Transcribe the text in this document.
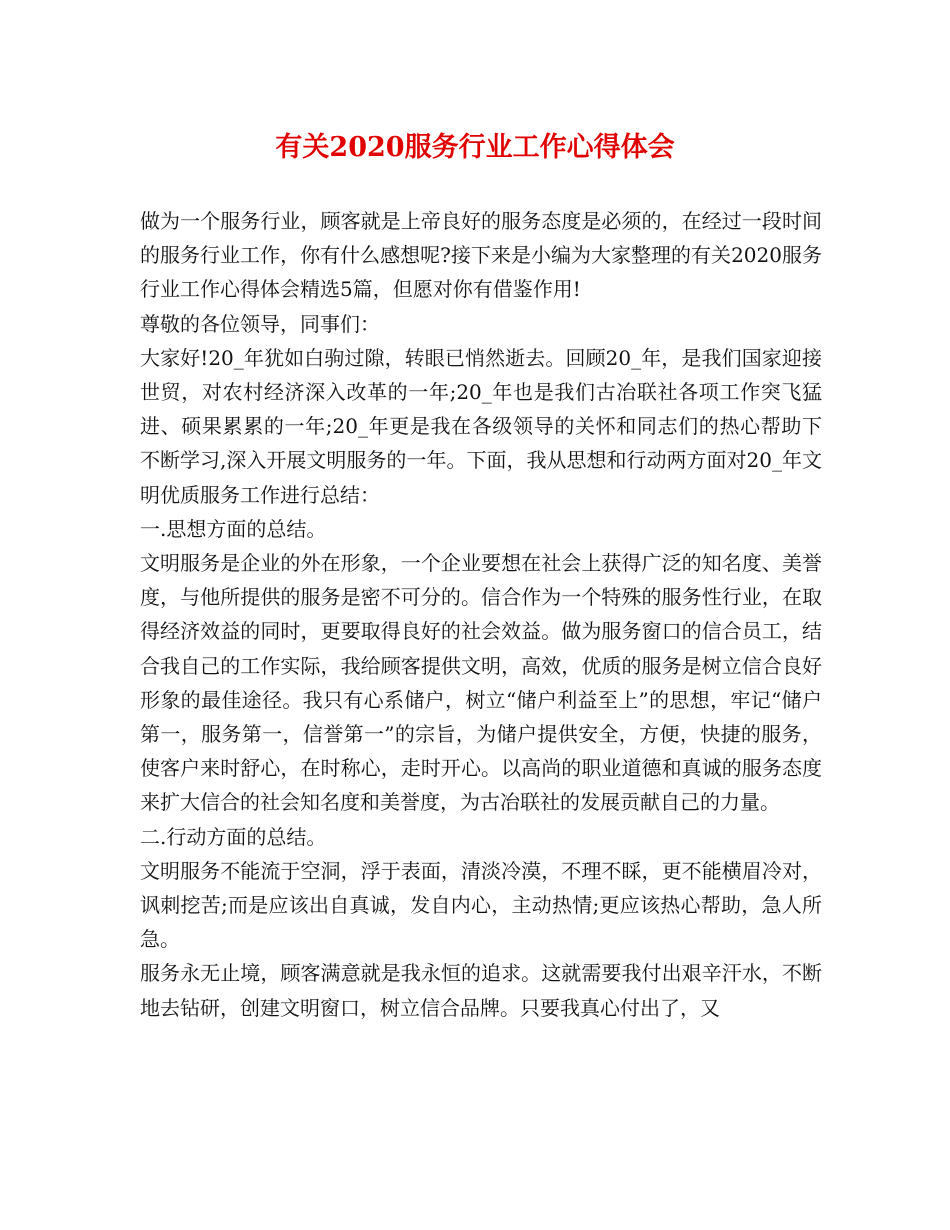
有关2020服务行业工作心得体会

做为一个服务行业，顾客就是上帝良好的服务态度是必须的，在经过一段时间的服务行业工作，你有什么感想呢?接下来是小编为大家整理的有关2020服务行业工作心得体会精选5篇，但愿对你有借鉴作用!

尊敬的各位领导，同事们：

大家好!20_年犹如白驹过隙，转眼已悄然逝去。回顾20_年，是我们国家迎接世贸，对农村经济深入改革的一年;20_年也是我们古冶联社各项工作突飞猛进、硕果累累的一年;20_年更是我在各级领导的关怀和同志们的热心帮助下不断学习,深入开展文明服务的一年。下面，我从思想和行动两方面对20_年文明优质服务工作进行总结：

一.思想方面的总结。

文明服务是企业的外在形象，一个企业要想在社会上获得广泛的知名度、美誉度，与他所提供的服务是密不可分的。信合作为一个特殊的服务性行业，在取得经济效益的同时，更要取得良好的社会效益。做为服务窗口的信合员工，结合我自己的工作实际，我给顾客提供文明，高效，优质的服务是树立信合良好形象的最佳途径。我只有心系储户，树立“储户利益至上”的思想，牢记“储户第一，服务第一，信誉第一”的宗旨，为储户提供安全，方便，快捷的服务，使客户来时舒心，在时称心，走时开心。以高尚的职业道德和真诚的服务态度来扩大信合的社会知名度和美誉度，为古冶联社的发展贡献自己的力量。

二.行动方面的总结。

文明服务不能流于空洞，浮于表面，清淡冷漠，不理不睬，更不能横眉冷对，讽刺挖苦;而是应该出自真诚，发自内心，主动热情;更应该热心帮助，急人所急。

服务永无止境，顾客满意就是我永恒的追求。这就需要我付出艰辛汗水，不断地去钻研，创建文明窗口，树立信合品牌。只要我真心付出了，又
